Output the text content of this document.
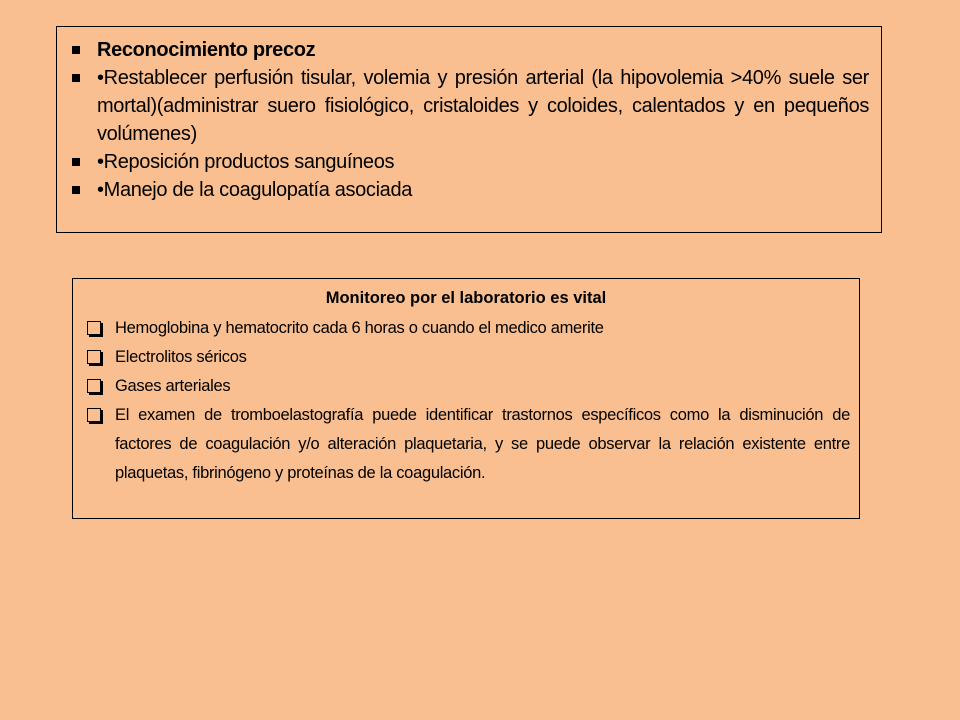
Reconocimiento precoz
•Restablecer perfusión tisular, volemia y presión arterial (la hipovolemia >40% suele ser mortal)(administrar suero fisiológico, cristaloides y coloides, calentados y en pequeños volúmenes)
•Reposición productos sanguíneos
•Manejo de la coagulopatía asociada
Monitoreo por el laboratorio es vital
Hemoglobina y hematocrito cada 6 horas o cuando el medico amerite
Electrolitos séricos
Gases arteriales
El examen de tromboelastografía puede identificar trastornos específicos como la disminución de factores de coagulación y/o alteración plaquetaria, y se puede observar la relación existente entre plaquetas, fibrinógeno y proteínas de la coagulación.
